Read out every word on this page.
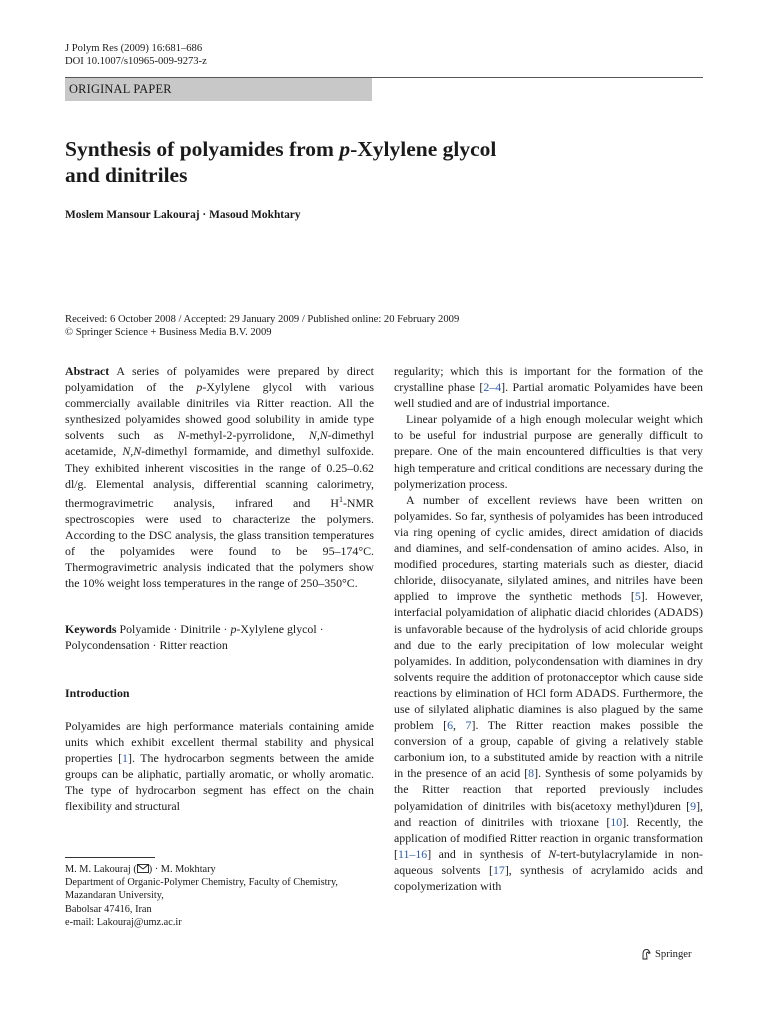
J Polym Res (2009) 16:681–686
DOI 10.1007/s10965-009-9273-z
ORIGINAL PAPER
Synthesis of polyamides from p-Xylylene glycol
and dinitriles
Moslem Mansour Lakouraj · Masoud Mokhtary
Received: 6 October 2008 / Accepted: 29 January 2009 / Published online: 20 February 2009
© Springer Science + Business Media B.V. 2009

Abstract A series of polyamides were prepared by direct polyamidation of the p-Xylylene glycol with various commercially available dinitriles via Ritter reaction. All the synthesized polyamides showed good solubility in amide type solvents such as N-methyl-2-pyrrolidone, N,N-dimethyl acetamide, N,N-dimethyl formamide, and dimethyl sulfoxide. They exhibited inherent viscosities in the range of 0.25–0.62 dl/g. Elemental analysis, differential scanning calorimetry, thermogravimetric analysis, infrared and $H^1$-NMR spectroscopies were used to characterize the polymers. According to the DSC analysis, the glass transition temperatures of the polyamides were found to be 95–174°C. Thermogravimetric analysis indicated that the polymers show the 10% weight loss temperatures in the range of 250–350°C.

Keywords Polyamide · Dinitrile · p-Xylylene glycol · Polycondensation · Ritter reaction
Introduction

Polyamides are high performance materials containing amide units which exhibit excellent thermal stability and physical properties [1]. The hydrocarbon segments between the amide groups can be aliphatic, partially aromatic, or wholly aromatic. The type of hydrocarbon segment has effect on the chain flexibility and structural

regularity; which this is important for the formation of the crystalline phase [2–4]. Partial aromatic Polyamides have been well studied and are of industrial importance.

Linear polyamide of a high enough molecular weight which to be useful for industrial purpose are generally difficult to prepare. One of the main encountered difficulties is that very high temperature and critical conditions are necessary during the polymerization process.

A number of excellent reviews have been written on polyamides. So far, synthesis of polyamides has been introduced via ring opening of cyclic amides, direct amidation of diacids and diamines, and self-condensation of amino acides. Also, in modified procedures, starting materials such as diester, diacid chloride, diisocyanate, silylated amines, and nitriles have been applied to improve the synthetic methods [5]. However, interfacial polyamidation of aliphatic diacid chlorides (ADADS) is unfavorable because of the hydrolysis of acid chloride groups and due to the early precipitation of low molecular weight polyamides. In addition, polycondensation with diamines in dry solvents require the addition of protonacceptor which cause side reactions by elimination of HCl form ADADS. Furthermore, the use of silylated aliphatic diamines is also plagued by the same problem [6, 7]. The Ritter reaction makes possible the conversion of a group, capable of giving a relatively stable carbonium ion, to a substituted amide by reaction with a nitrile in the presence of an acid [8]. Synthesis of some polyamids by the Ritter reaction that reported previously includes polyamidation of dinitriles with bis(acetoxy methyl)duren [9], and reaction of dinitriles with trioxane [10]. Recently, the application of modified Ritter reaction in organic transformation [11–16] and in synthesis of N-tert-butylacrylamide in non-aqueous solvents [17], synthesis of acrylamido acids and copolymerization with

M. M. Lakouraj ( ) · M. Mokhtary
Department of Organic-Polymer Chemistry, Faculty of Chemistry,
Mazandaran University,
Babolsar 47416, Iran
e-mail: Lakouraj@umz.ac.ir
Springer
